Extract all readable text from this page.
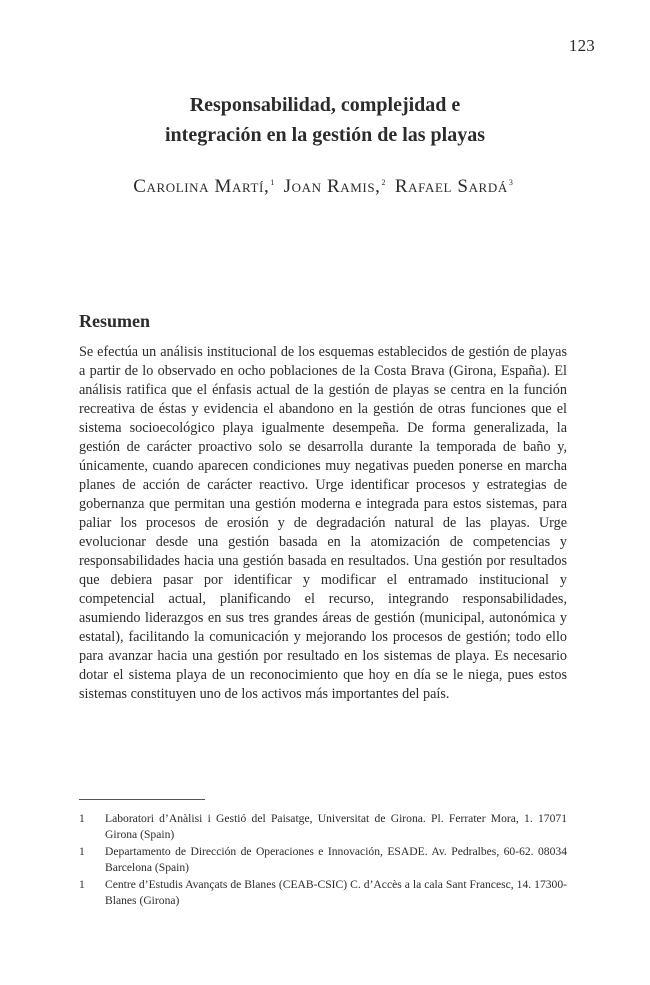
123
Responsabilidad, complejidad e
integración en la gestión de las playas
Carolina Martí,$^1$ Joan Ramis,$^2$ Rafael Sardá$^3$
Resumen

Se efectúa un análisis institucional de los esquemas establecidos de gestión de playas a partir de lo observado en ocho poblaciones de la Costa Brava (Girona, España). El análisis ratifica que el énfasis actual de la gestión de playas se centra en la función recreativa de éstas y evidencia el abandono en la gestión de otras funciones que el sistema socioecológico playa igualmente desempeña. De forma generalizada, la gestión de carácter proactivo solo se desarrolla durante la temporada de baño y, únicamente, cuando aparecen condiciones muy negativas pueden ponerse en marcha planes de acción de carácter reactivo. Urge identificar procesos y estrategias de gobernanza que permitan una gestión moderna e integrada para estos sistemas, para paliar los procesos de erosión y de degradación natural de las playas. Urge evolucionar desde una gestión basada en la atomización de competencias y responsabilidades hacia una gestión basada en resultados. Una gestión por resultados que debiera pasar por identificar y modificar el entramado institucional y competencial actual, planificando el recurso, integrando responsabilidades, asumiendo liderazgos en sus tres grandes áreas de gestión (municipal, autonómica y estatal), facilitando la comunicación y mejorando los procesos de gestión; todo ello para avanzar hacia una gestión por resultado en los sistemas de playa. Es necesario dotar el sistema playa de un reconocimiento que hoy en día se le niega, pues estos sistemas constituyen uno de los activos más importantes del país.

1	Laboratori d’Anàlisi i Gestió del Paisatge, Universitat de Girona. Pl. Ferrater Mora, 1. 17071 Girona (Spain)
1	Departamento de Dirección de Operaciones e Innovación, ESADE. Av. Pedralbes, 60-62. 08034 Barcelona (Spain)
1	Centre d’Estudis Avançats de Blanes (CEAB-CSIC) C. d’Accès a la cala Sant Francesc, 14. 17300-Blanes (Girona)
